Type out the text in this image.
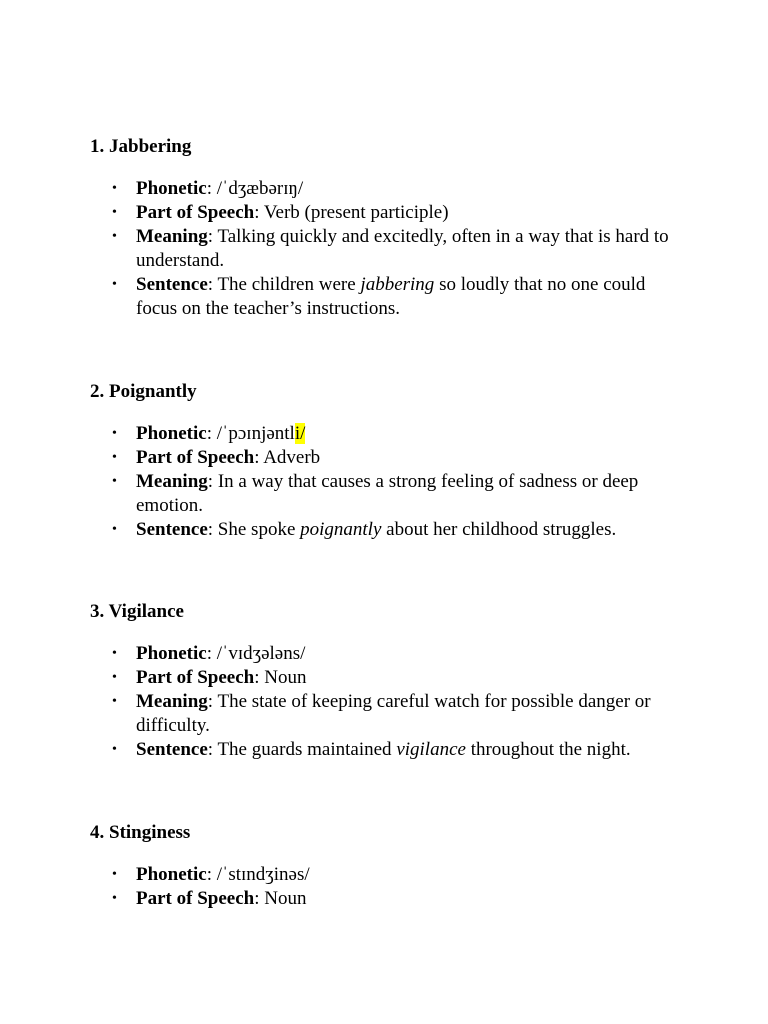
1. Jabbering

• Phonetic: /ˈdʒæbərɪŋ/
• Part of Speech: Verb (present participle)
• Meaning: Talking quickly and excitedly, often in a way that is hard to understand.
• Sentence: The children were jabbering so loudly that no one could focus on the teacher’s instructions.

2. Poignantly

• Phonetic: /ˈpɔɪnjəntli/
• Part of Speech: Adverb
• Meaning: In a way that causes a strong feeling of sadness or deep emotion.
• Sentence: She spoke poignantly about her childhood struggles.

3. Vigilance

• Phonetic: /ˈvɪdʒələns/
• Part of Speech: Noun
• Meaning: The state of keeping careful watch for possible danger or difficulty.
• Sentence: The guards maintained vigilance throughout the night.

4. Stinginess

• Phonetic: /ˈstɪndʒinəs/
• Part of Speech: Noun
